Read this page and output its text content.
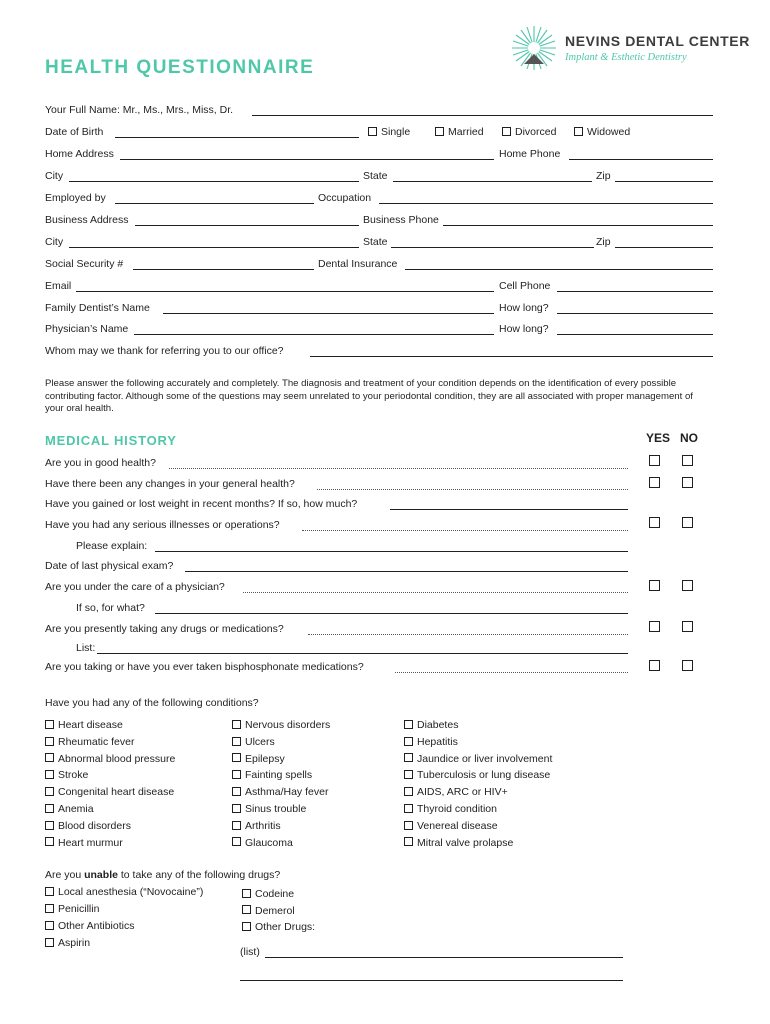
HEALTH QUESTIONNAIRE
NEVINS DENTAL CENTER
Implant & Esthetic Dentistry
Your Full Name: Mr., Ms., Mrs., Miss, Dr.
Date of Birth	Single	Married	Divorced	Widowed
Home Address	Home Phone
City	State	Zip
Employed by	Occupation
Business Address	Business Phone
City	State	Zip
Social Security #	Dental Insurance
Email	Cell Phone
Family Dentist’s Name	How long?
Physician’s Name	How long?
Whom may we thank for referring you to our office?
Please answer the following accurately and completely. The diagnosis and treatment of your condition depends on the identification of every possible contributing factor. Although some of the questions may seem unrelated to your periodontal condition, they are all associated with proper management of your oral health.
MEDICAL HISTORY	YES NO
Are you in good health?
Have there been any changes in your general health?
Have you gained or lost weight in recent months? If so, how much?
Have you had any serious illnesses or operations?
Please explain:
Date of last physical exam?
Are you under the care of a physician?
If so, for what?
Are you presently taking any drugs or medications?
List:
Are you taking or have you ever taken bisphosphonate medications?
Have you had any of the following conditions?
Heart disease
Rheumatic fever
Abnormal blood pressure
Stroke
Congenital heart disease
Anemia
Blood disorders
Heart murmur
Nervous disorders
Ulcers
Epilepsy
Fainting spells
Asthma/Hay fever
Sinus trouble
Arthritis
Glaucoma
Diabetes
Hepatitis
Jaundice or liver involvement
Tuberculosis or lung disease
AIDS, ARC or HIV+
Thyroid condition
Venereal disease
Mitral valve prolapse
Are you unable to take any of the following drugs?
Local anesthesia (“Novocaine”)
Penicillin
Other Antibiotics
Aspirin
Codeine
Demerol
Other Drugs:
(list)
